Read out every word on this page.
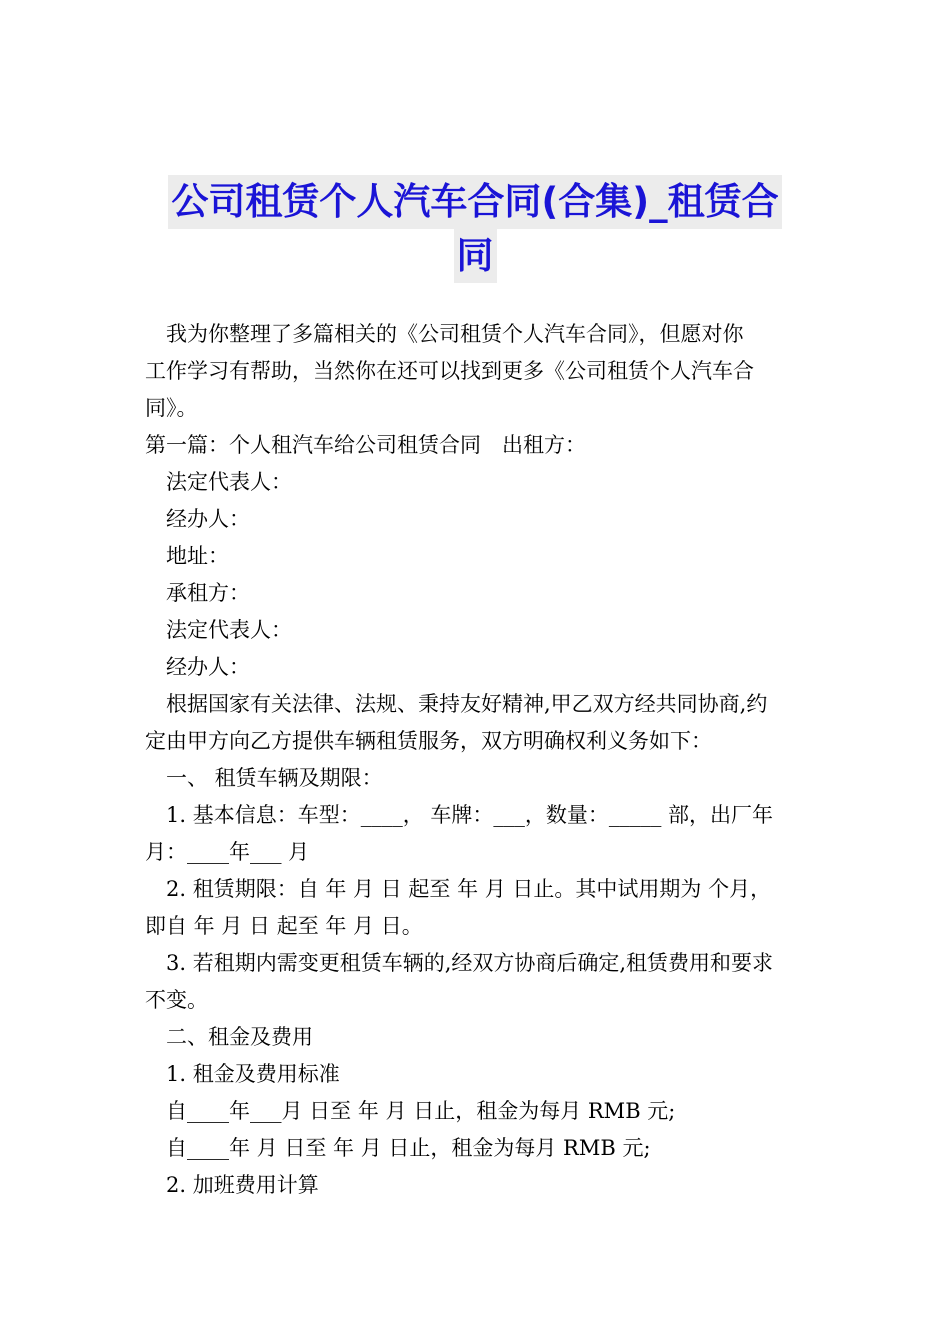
公司租赁个人汽车合同(合集)_租赁合
同

我为你整理了多篇相关的《公司租赁个人汽车合同》，但愿对你

工作学习有帮助，当然你在还可以找到更多《公司租赁个人汽车合

同》。

第一篇：个人租汽车给公司租赁合同　出租方：

法定代表人：

经办人：

地址：

承租方：

法定代表人：

经办人：

根据国家有关法律、法规、秉持友好精神,甲乙双方经共同协商,约

定由甲方向乙方提供车辆租赁服务，双方明确权利义务如下：

一、 租赁车辆及期限：

1. 基本信息：车型：____， 车牌：___，数量：_____ 部，出厂年

月：____年___ 月

2. 租赁期限：自 年 月 日 起至 年 月 日止。其中试用期为 个月，

即自 年 月 日 起至 年 月 日。

3. 若租期内需变更租赁车辆的,经双方协商后确定,租赁费用和要求

不变。

二、租金及费用

1. 租金及费用标准

自____年___月 日至 年 月 日止，租金为每月 RMB 元;

自____年 月 日至 年 月 日止，租金为每月 RMB 元;

2. 加班费用计算
